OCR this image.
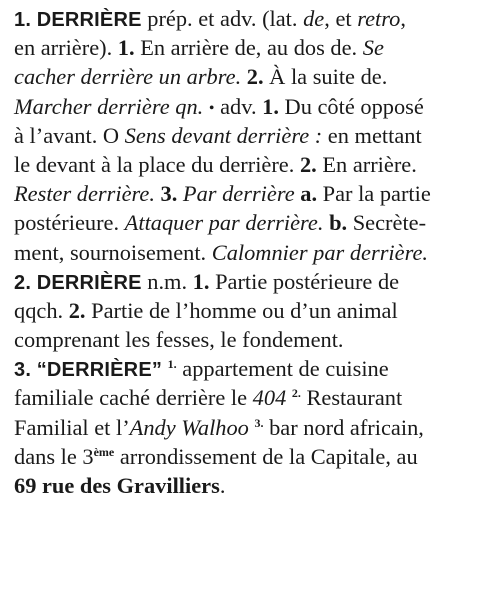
1. DERRIÈRE prép. et adv. (lat. de, et retro,
en arrière). 1. En arrière de, au dos de. Se
cacher derrière un arbre. 2. À la suite de.
Marcher derrière qn. • adv. 1. Du côté opposé
à l’avant. O Sens devant derrière : en mettant
le devant à la place du derrière. 2. En arrière.
Rester derrière. 3. Par derrière a. Par la partie
postérieure. Attaquer par derrière. b. Secrète-
ment, sournoisement. Calomnier par derrière.
2. DERRIÈRE n.m. 1. Partie postérieure de
qqch. 2. Partie de l’homme ou d’un animal
comprenant les fesses, le fondement.
3. “DERRIÈRE” $^{1.}$ appartement de cuisine
familiale caché derrière le 404 $^{2.}$ Restaurant
Familial et l’Andy Walhoo $^{3.}$ bar nord africain,
dans le 3ème arrondissement de la Capitale, au
69 rue des Gravilliers.
